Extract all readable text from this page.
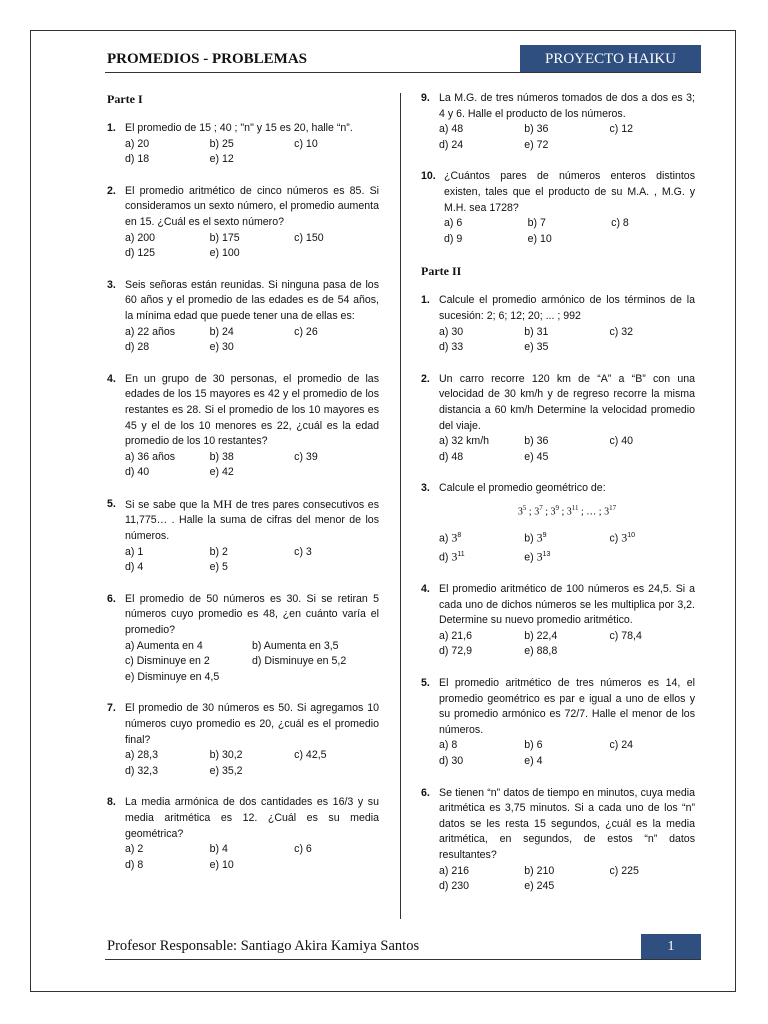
PROMEDIOS - PROBLEMAS	PROYECTO HAIKU
Parte I
1. El promedio de 15 ; 40 ; "n" y 15 es 20, halle “n”.
a) 20	b) 25	c) 10
d) 18	e) 12
2. El promedio aritmético de cinco números es 85. Si consideramos un sexto número, el promedio aumenta en 15. ¿Cuál es el sexto número?
a) 200	b) 175	c) 150
d) 125	e) 100
3. Seis señoras están reunidas. Si ninguna pasa de los 60 años y el promedio de las edades es de 54 años, la mínima edad que puede tener una de ellas es:
a) 22 años	b) 24	c) 26
d) 28	e) 30
4. En un grupo de 30 personas, el promedio de las edades de los 15 mayores es 42 y el promedio de los restantes es 28. Si el promedio de los 10 mayores es 45 y el de los 10 menores es 22, ¿cuál es la edad promedio de los 10 restantes?
a) 36 años	b) 38	c) 39
d) 40	e) 42
5. Si se sabe que la MH de tres pares consecutivos es 11,775… . Halle la suma de cifras del menor de los números.
a) 1	b) 2	c) 3
d) 4	e) 5
6. El promedio de 50 números es 30. Si se retiran 5 números cuyo promedio es 48, ¿en cuánto varía el promedio?
a) Aumenta en 4	b) Aumenta en 3,5
c) Disminuye en 2	d) Disminuye en 5,2
e) Disminuye en 4,5
7. El promedio de 30 números es 50. Si agregamos 10 números cuyo promedio es 20, ¿cuál es el promedio final?
a) 28,3	b) 30,2	c) 42,5
d) 32,3	e) 35,2
8. La media armónica de dos cantidades es 16/3 y su media aritmética es 12. ¿Cuál es su media geométrica?
a) 2	b) 4	c) 6
d) 8	e) 10
9. La M.G. de tres números tomados de dos a dos es 3; 4 y 6. Halle el producto de los números.
a) 48	b) 36	c) 12
d) 24	e) 72
10. ¿Cuántos pares de números enteros distintos existen, tales que el producto de su M.A. , M.G. y M.H. sea 1728?
a) 6	b) 7	c) 8
d) 9	e) 10
Parte II
1. Calcule el promedio armónico de los términos de la sucesión: 2; 6; 12; 20; ... ; 992
a) 30	b) 31	c) 32
d) 33	e) 35
2. Un carro recorre 120 km de “A” a “B” con una velocidad de 30 km/h y de regreso recorre la misma distancia a 60 km/h Determine la velocidad promedio del viaje.
a) 32 km/h	b) 36	c) 40
d) 48	e) 45
3. Calcule el promedio geométrico de:
$3^5$ ; $3^7$ ; $3^9$ ; $3^{11}$ ; … ; $3^{17}$
a) $3^8$	b) $3^9$	c) $3^{10}$
d) $3^{11}$	e) $3^{13}$
4. El promedio aritmético de 100 números es 24,5. Si a cada uno de dichos números se les multiplica por 3,2. Determine su nuevo promedio aritmético.
a) 21,6	b) 22,4	c) 78,4
d) 72,9	e) 88,8
5. El promedio aritmético de tres números es 14, el promedio geométrico es par e igual a uno de ellos y su promedio armónico es 72/7. Halle el menor de los números.
a) 8	b) 6	c) 24
d) 30	e) 4
6. Se tienen “n” datos de tiempo en minutos, cuya media aritmética es 3,75 minutos. Si a cada uno de los “n” datos se les resta 15 segundos, ¿cuál es la media aritmética, en segundos, de estos “n” datos resultantes?
a) 216	b) 210	c) 225
d) 230	e) 245
Profesor Responsable: Santiago Akira Kamiya Santos	1
